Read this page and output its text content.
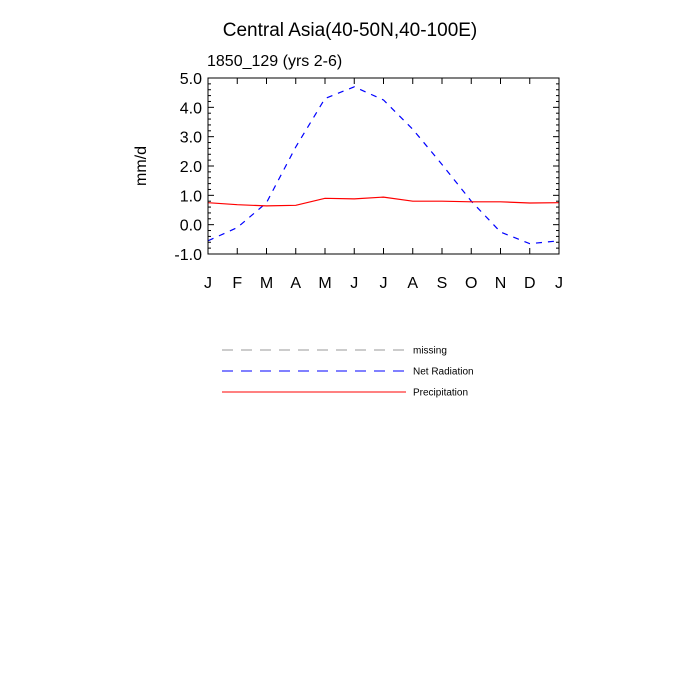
Central Asia(40-50N,40-100E)
1850_129 (yrs 2-6)
mm/d
5.0
4.0
3.0
2.0
1.0
0.0
-1.0
J F M A M J J A S O N D J
missing
Net Radiation
Precipitation
